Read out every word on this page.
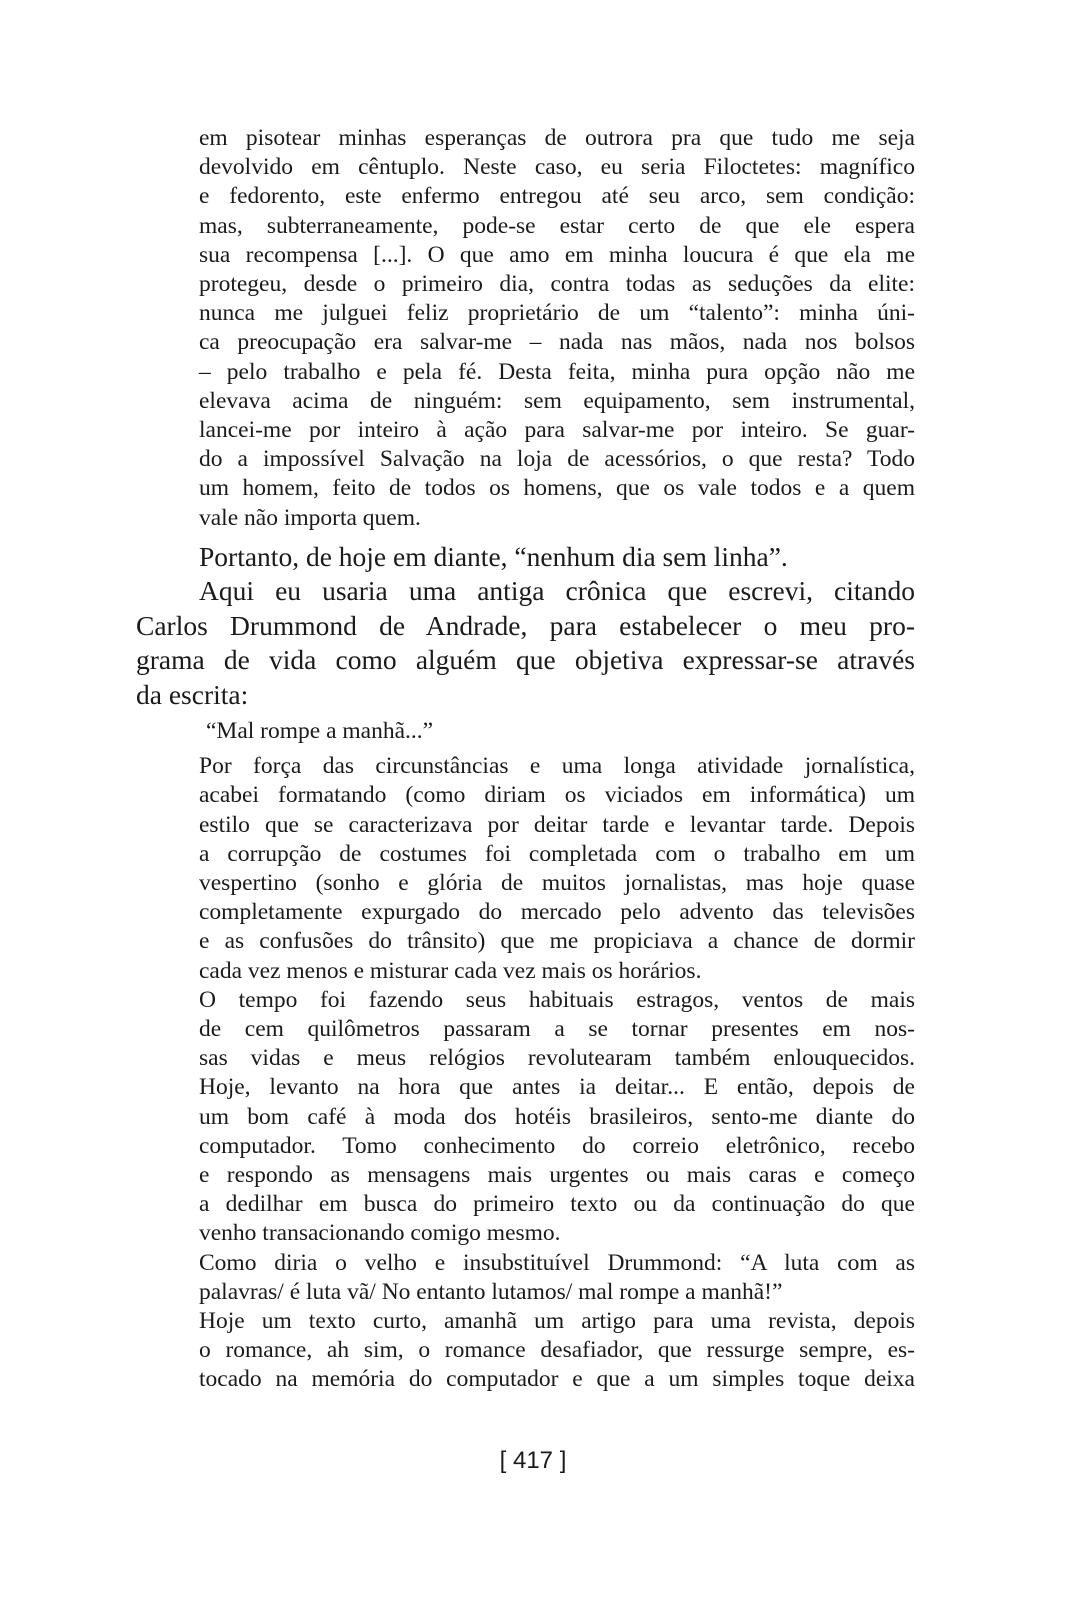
em pisotear minhas esperanças de outrora pra que tudo me seja
devolvido em cêntuplo. Neste caso, eu seria Filoctetes: magnífico
e fedorento, este enfermo entregou até seu arco, sem condição:
mas, subterraneamente, pode-se estar certo de que ele espera
sua recompensa [...]. O que amo em minha loucura é que ela me
protegeu, desde o primeiro dia, contra todas as seduções da elite:
nunca me julguei feliz proprietário de um “talento”: minha úni-
ca preocupação era salvar-me – nada nas mãos, nada nos bolsos
– pelo trabalho e pela fé. Desta feita, minha pura opção não me
elevava acima de ninguém: sem equipamento, sem instrumental,
lancei-me por inteiro à ação para salvar-me por inteiro. Se guar-
do a impossível Salvação na loja de acessórios, o que resta? Todo
um homem, feito de todos os homens, que os vale todos e a quem
vale não importa quem.
Portanto, de hoje em diante, “nenhum dia sem linha”.
Aqui eu usaria uma antiga crônica que escrevi, citando
Carlos Drummond de Andrade, para estabelecer o meu pro-
grama de vida como alguém que objetiva expressar-se através
da escrita:
“Mal rompe a manhã...”
Por força das circunstâncias e uma longa atividade jornalística,
acabei formatando (como diriam os viciados em informática) um
estilo que se caracterizava por deitar tarde e levantar tarde. Depois
a corrupção de costumes foi completada com o trabalho em um
vespertino (sonho e glória de muitos jornalistas, mas hoje quase
completamente expurgado do mercado pelo advento das televisões
e as confusões do trânsito) que me propiciava a chance de dormir
cada vez menos e misturar cada vez mais os horários.
O tempo foi fazendo seus habituais estragos, ventos de mais
de cem quilômetros passaram a se tornar presentes em nos-
sas vidas e meus relógios revolutearam também enlouquecidos.
Hoje, levanto na hora que antes ia deitar... E então, depois de
um bom café à moda dos hotéis brasileiros, sento-me diante do
computador. Tomo conhecimento do correio eletrônico, recebo
e respondo as mensagens mais urgentes ou mais caras e começo
a dedilhar em busca do primeiro texto ou da continuação do que
venho transacionando comigo mesmo.
Como diria o velho e insubstituível Drummond: “A luta com as
palavras/ é luta vã/ No entanto lutamos/ mal rompe a manhã!”
Hoje um texto curto, amanhã um artigo para uma revista, depois
o romance, ah sim, o romance desafiador, que ressurge sempre, es-
tocado na memória do computador e que a um simples toque deixa
[ 417 ]
